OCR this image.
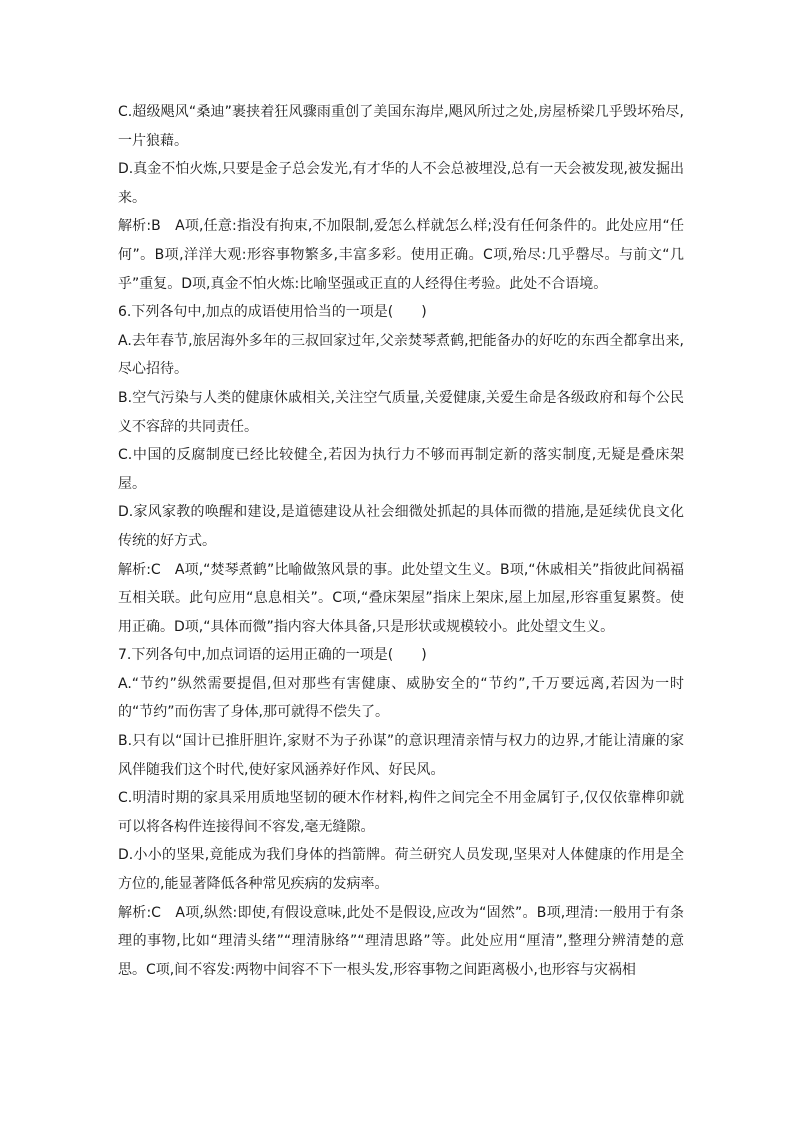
C.超级飓风“桑迪”裹挟着狂风骤雨重创了美国东海岸,飓风所过之处,房屋桥梁几乎毁坏殆尽,一片狼藉。

D.真金不怕火炼,只要是金子总会发光,有才华的人不会总被埋没,总有一天会被发现,被发掘出来。

解析:B　A项,任意:指没有拘束,不加限制,爱怎么样就怎么样;没有任何条件的。此处应用“任何”。B项,洋洋大观:形容事物繁多,丰富多彩。使用正确。C项,殆尽:几乎罄尽。与前文“几乎”重复。D项,真金不怕火炼:比喻坚强或正直的人经得住考验。此处不合语境。

6.下列各句中,加点的成语使用恰当的一项是(　　)

A.去年春节,旅居海外多年的三叔回家过年,父亲焚琴煮鹤,把能备办的好吃的东西全都拿出来,尽心招待。

B.空气污染与人类的健康休戚相关,关注空气质量,关爱健康,关爱生命是各级政府和每个公民义不容辞的共同责任。

C.中国的反腐制度已经比较健全,若因为执行力不够而再制定新的落实制度,无疑是叠床架屋。

D.家风家教的唤醒和建设,是道德建设从社会细微处抓起的具体而微的措施,是延续优良文化传统的好方式。

解析:C　A项,“焚琴煮鹤”比喻做煞风景的事。此处望文生义。B项,“休戚相关”指彼此间祸福互相关联。此句应用“息息相关”。C项,“叠床架屋”指床上架床,屋上加屋,形容重复累赘。使用正确。D项,“具体而微”指内容大体具备,只是形状或规模较小。此处望文生义。

7.下列各句中,加点词语的运用正确的一项是(　　)

A.“节约”纵然需要提倡,但对那些有害健康、威胁安全的“节约”,千万要远离,若因为一时的“节约”而伤害了身体,那可就得不偿失了。

B.只有以“国计已推肝胆许,家财不为子孙谋”的意识理清亲情与权力的边界,才能让清廉的家风伴随我们这个时代,使好家风涵养好作风、好民风。

C.明清时期的家具采用质地坚韧的硬木作材料,构件之间完全不用金属钉子,仅仅依靠榫卯就可以将各构件连接得间不容发,毫无缝隙。

D.小小的坚果,竟能成为我们身体的挡箭牌。荷兰研究人员发现,坚果对人体健康的作用是全方位的,能显著降低各种常见疾病的发病率。

解析:C　A项,纵然:即使,有假设意味,此处不是假设,应改为“固然”。B项,理清:一般用于有条理的事物,比如“理清头绪”“理清脉络”“理清思路”等。此处应用“厘清”,整理分辨清楚的意思。C项,间不容发:两物中间容不下一根头发,形容事物之间距离极小,也形容与灾祸相
